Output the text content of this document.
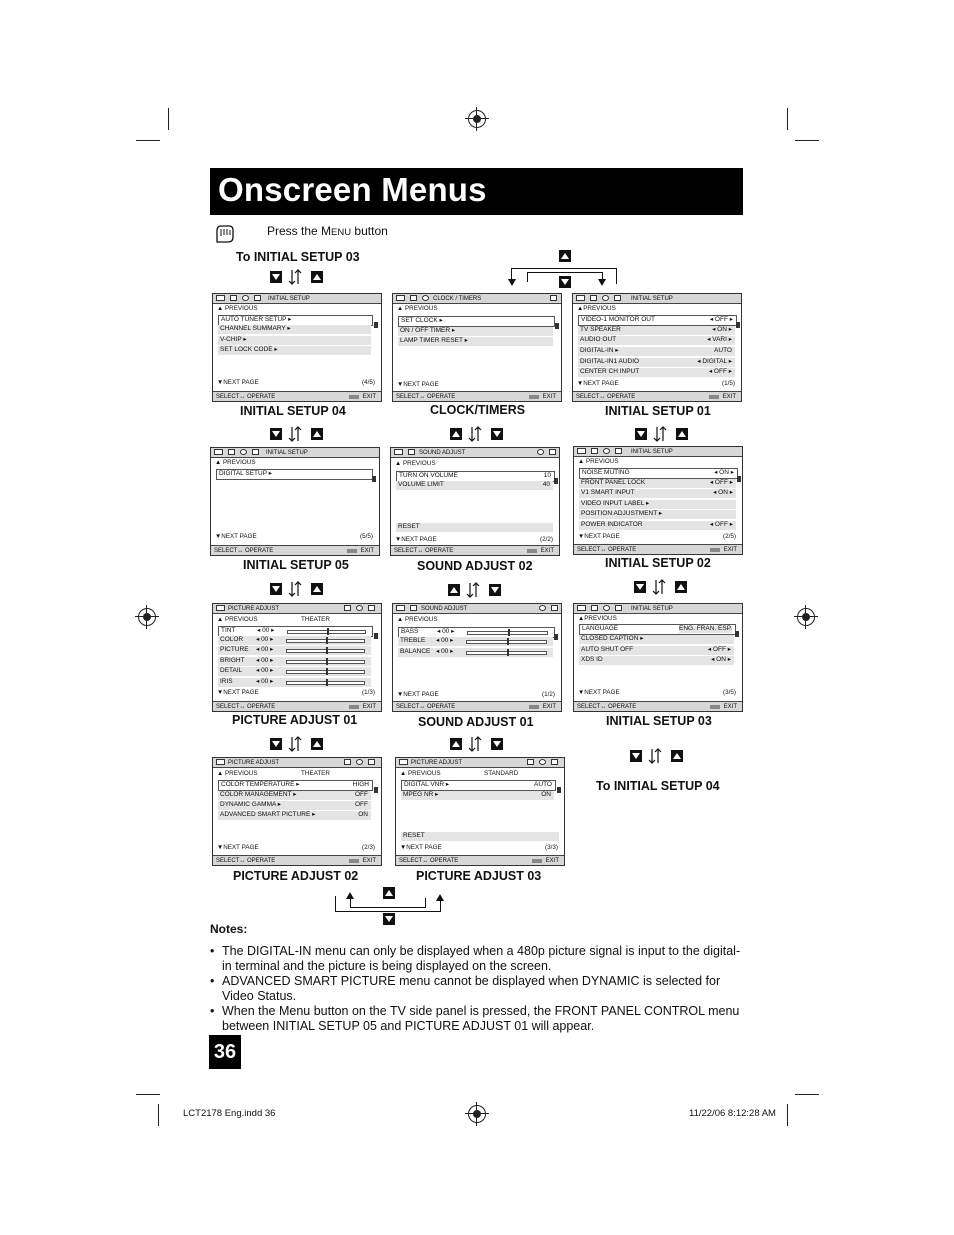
Onscreen Menus
Press the MENU button
To INITIAL SETUP 03
INITIAL SETUP
▲ PREVIOUS
AUTO TUNER SETUP ▸
CHANNEL SUMMARY ▸
V-CHIP ▸
SET LOCK CODE ▸
▼NEXT PAGE	(4/5)
SELECT↔ OPERATE	EXIT
CLOCK / TIMERS
▲ PREVIOUS
SET CLOCK ▸
ON / OFF TIMER ▸
LAMP TIMER RESET ▸
▼NEXT PAGE
SELECT↔ OPERATE	EXIT
INITIAL SETUP
▲PREVIOUS
VIDEO-1 MONITOR OUT	◂ OFF ▸
TV SPEAKER	◂ ON ▸
AUDIO OUT	◂ VARI ▸
DIGITAL-IN ▸	AUTO
DIGITAL-IN1 AUDIO	◂ DIGITAL ▸
CENTER CH INPUT	◂ OFF ▸
▼NEXT PAGE	(1/5)
SELECT↔ OPERATE	EXIT
INITIAL SETUP 04	CLOCK/TIMERS	INITIAL SETUP 01
INITIAL SETUP
▲ PREVIOUS
DIGITAL SETUP ▸
▼NEXT PAGE	(5/5)
SELECT↔ OPERATE	EXIT
SOUND ADJUST
▲ PREVIOUS
TURN ON VOLUME	10
VOLUME LIMIT	40
RESET
▼NEXT PAGE	(2/2)
SELECT↔ OPERATE	EXIT
INITIAL SETUP
▲ PREVIOUS
NOISE MUTING	◂ ON ▸
FRONT PANEL LOCK	◂ OFF ▸
V1 SMART INPUT	◂ ON ▸
VIDEO INPUT LABEL ▸
POSITION ADJUSTMENT ▸
POWER INDICATOR	◂ OFF ▸
▼NEXT PAGE	(2/5)
SELECT↔ OPERATE	EXIT
INITIAL SETUP 05	SOUND ADJUST 02	INITIAL SETUP 02
PICTURE ADJUST
▲ PREVIOUS	THEATER
TINT	◂ 00 ▸
COLOR ◂ 00 ▸
PICTURE ◂ 00 ▸
BRIGHT ◂ 00 ▸
DETAIL ◂ 00 ▸
IRIS	◂ 00 ▸
▼NEXT PAGE	(1/3)
SELECT↔ OPERATE	EXIT
SOUND ADJUST
▲ PREVIOUS
BASS	◂ 00 ▸
TREBLE ◂ 00 ▸
BALANCE ◂ 00 ▸
▼NEXT PAGE	(1/2)
SELECT↔ OPERATE	EXIT
INITIAL SETUP
▲PREVIOUS
LANGUAGE	ENG. FRAN. ESP.
CLOSED CAPTION ▸
AUTO SHUT OFF	◂ OFF ▸
XDS ID	◂ ON ▸
▼NEXT PAGE	(3/5)
SELECT↔ OPERATE	EXIT
PICTURE ADJUST 01	SOUND ADJUST 01	INITIAL SETUP 03
To INITIAL SETUP 04
PICTURE ADJUST
▲ PREVIOUS	THEATER
COLOR TEMPERATURE ▸	HIGH
COLOR MANAGEMENT ▸	OFF
DYNAMIC GAMMA ▸	OFF
ADVANCED SMART PICTURE ▸	ON
▼NEXT PAGE	(2/3)
SELECT↔ OPERATE	EXIT
PICTURE ADJUST
▲ PREVIOUS	STANDARD
DIGITAL VNR ▸	AUTO
MPEG NR ▸	ON
RESET
▼NEXT PAGE	(3/3)
SELECT↔ OPERATE	EXIT
PICTURE ADJUST 02	PICTURE ADJUST 03
Notes:
• The DIGITAL-IN menu can only be displayed when a 480p picture signal is input to the digital-in terminal and the picture is being displayed on the screen.
• ADVANCED SMART PICTURE menu cannot be displayed when DYNAMIC is selected for Video Status.
• When the Menu button on the TV side panel is pressed, the FRONT PANEL CONTROL menu between INITIAL SETUP 05 and PICTURE ADJUST 01 will appear.
36
LCT2178 Eng.indd 36	11/22/06 8:12:28 AM
